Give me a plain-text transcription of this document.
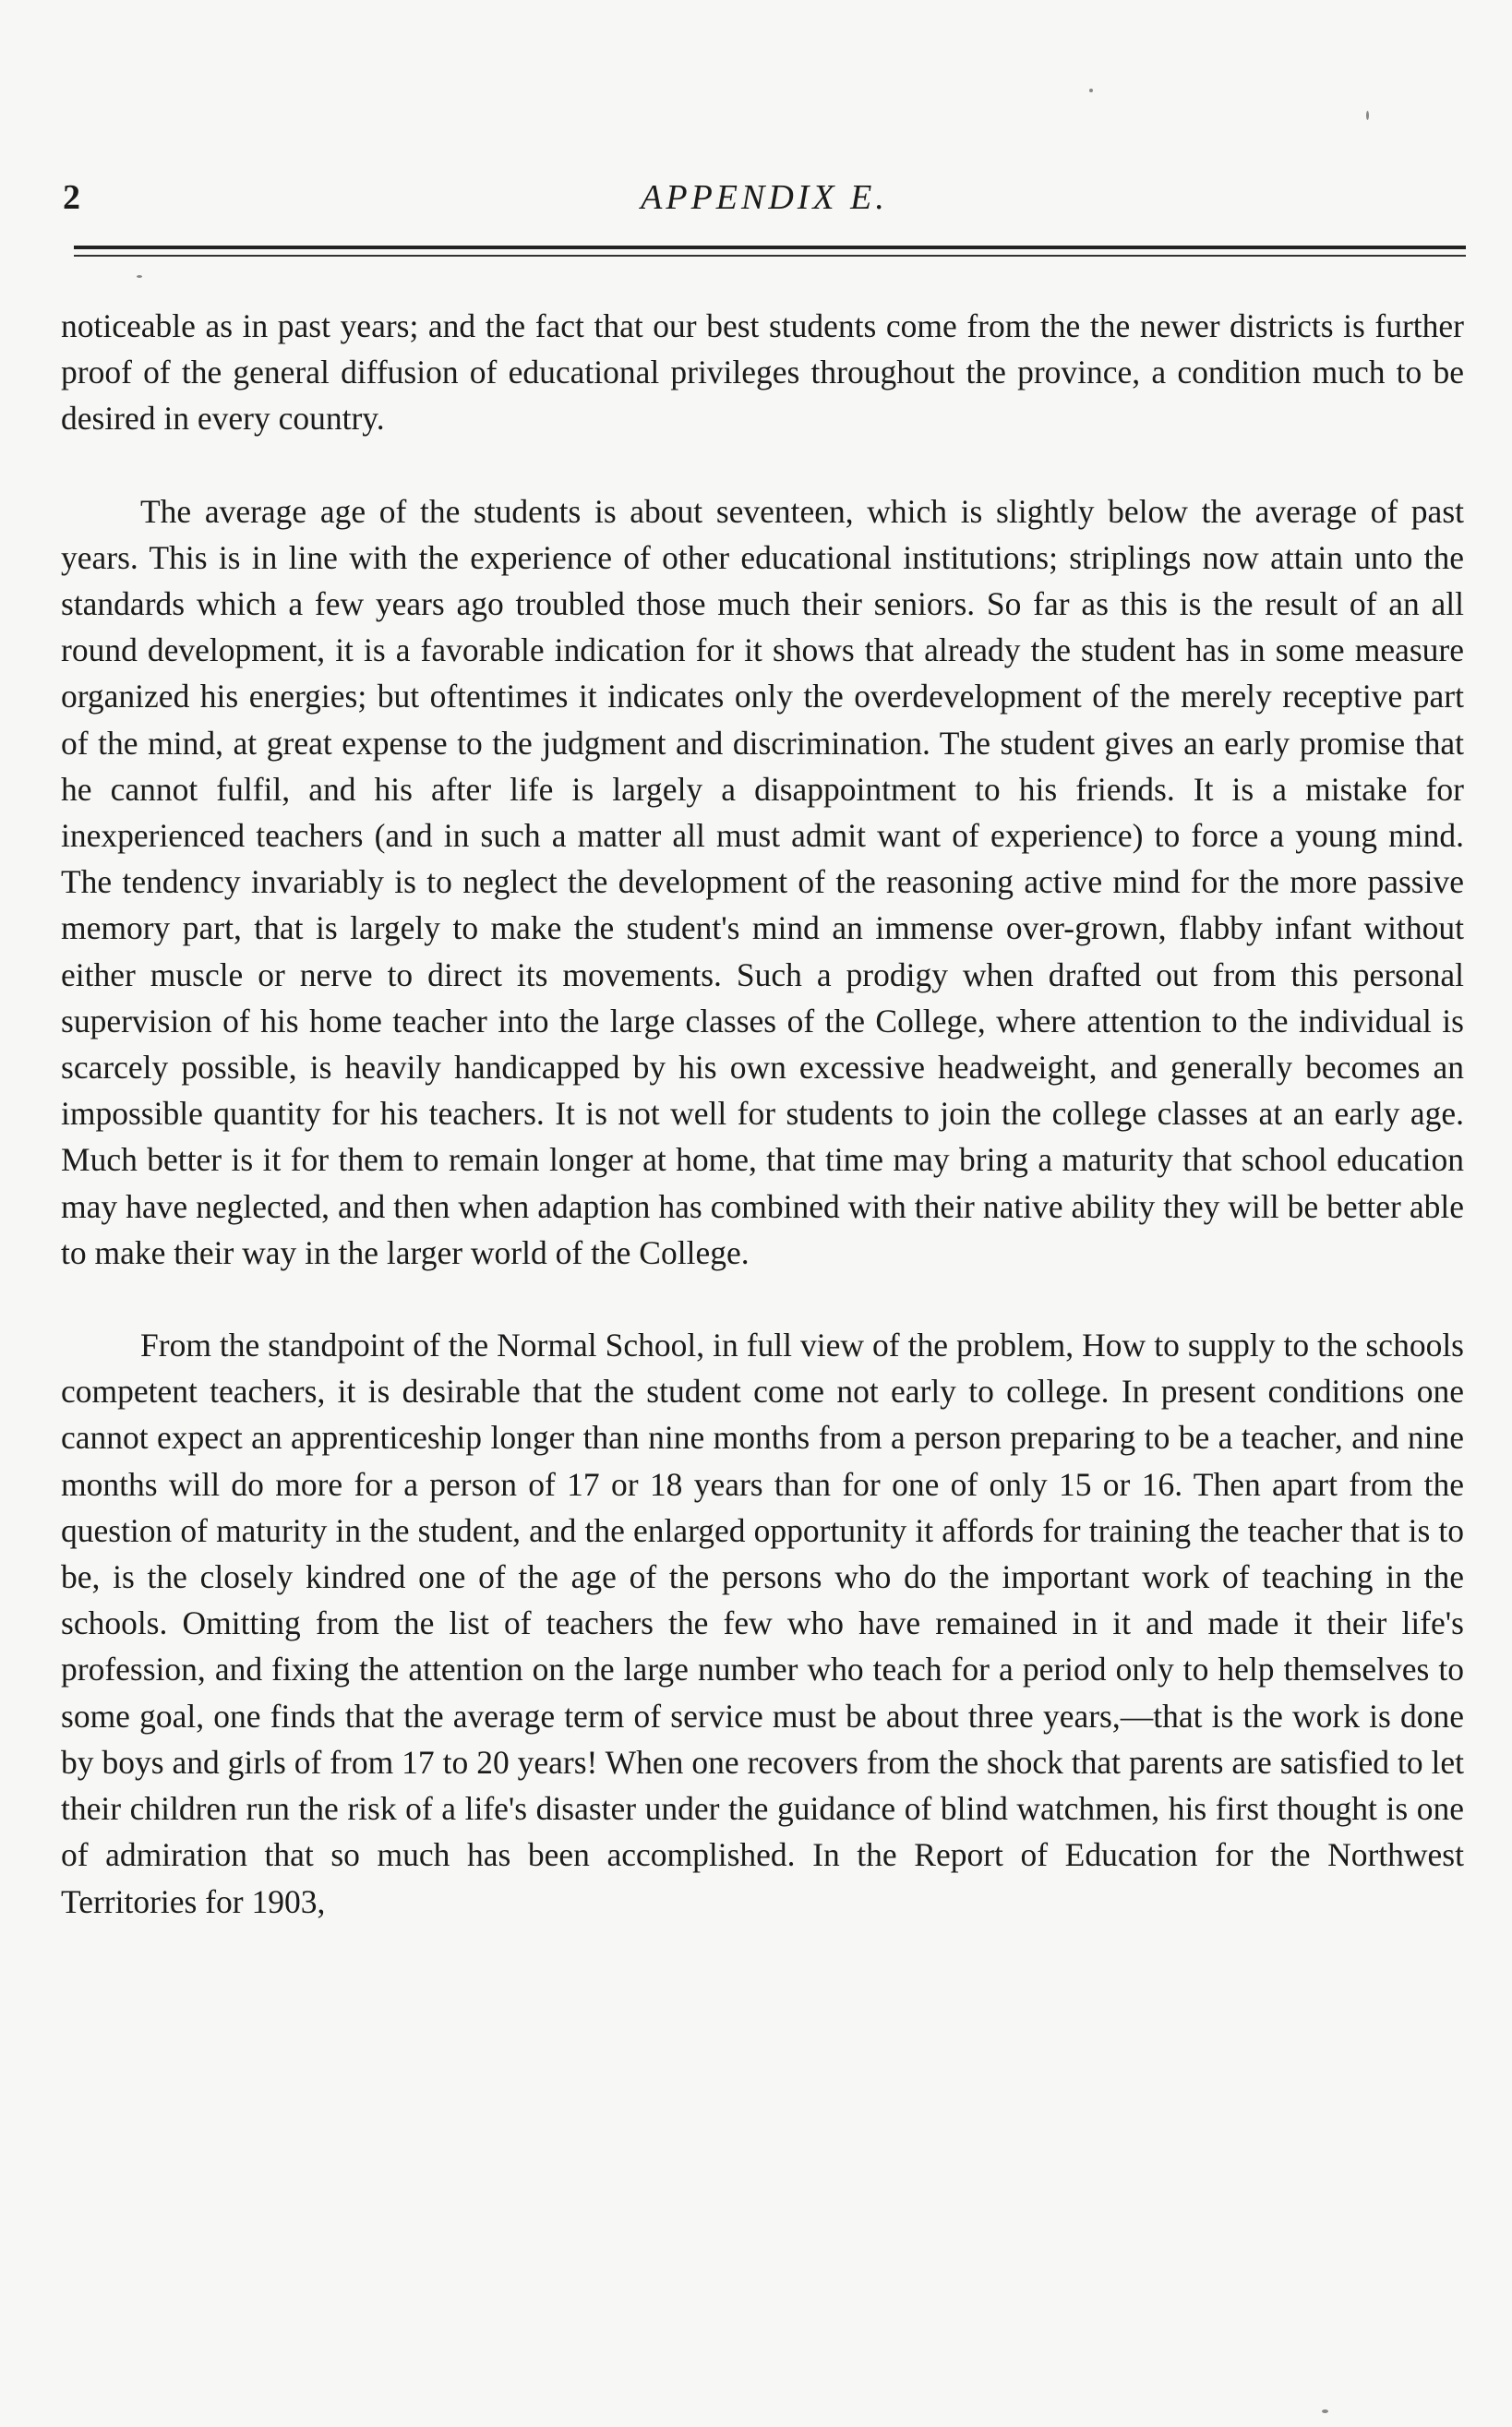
2	APPENDIX E.

noticeable as in past years; and the fact that our best students come from the the newer districts is further proof of the general diffusion of educational privileges throughout the province, a condition much to be desired in every country.

The average age of the students is about seventeen, which is slightly below the average of past years. This is in line with the experience of other educational institutions; striplings now attain unto the standards which a few years ago troubled those much their seniors. So far as this is the result of an all round development, it is a favorable indication for it shows that already the student has in some measure organized his energies; but oftentimes it indicates only the overdevelopment of the merely receptive part of the mind, at great expense to the judgment and discrimination. The student gives an early promise that he cannot fulfil, and his after life is largely a disappointment to his friends. It is a mistake for inexperienced teachers (and in such a matter all must admit want of experience) to force a young mind. The tendency invariably is to neglect the development of the reasoning active mind for the more passive memory part, that is largely to make the student's mind an immense over-grown, flabby infant without either muscle or nerve to direct its movements. Such a prodigy when drafted out from this personal supervision of his home teacher into the large classes of the College, where attention to the individual is scarcely possible, is heavily handicapped by his own excessive headweight, and generally becomes an impossible quantity for his teachers. It is not well for students to join the college classes at an early age. Much better is it for them to remain longer at home, that time may bring a maturity that school education may have neglected, and then when adaption has combined with their native ability they will be better able to make their way in the larger world of the College.

From the standpoint of the Normal School, in full view of the problem, How to supply to the schools competent teachers, it is desirable that the student come not early to college. In present conditions one cannot expect an apprenticeship longer than nine months from a person preparing to be a teacher, and nine months will do more for a person of 17 or 18 years than for one of only 15 or 16. Then apart from the question of maturity in the student, and the enlarged opportunity it affords for training the teacher that is to be, is the closely kindred one of the age of the persons who do the important work of teaching in the schools. Omitting from the list of teachers the few who have remained in it and made it their life's profession, and fixing the attention on the large number who teach for a period only to help themselves to some goal, one finds that the average term of service must be about three years,—that is the work is done by boys and girls of from 17 to 20 years! When one recovers from the shock that parents are satisfied to let their children run the risk of a life's disaster under the guidance of blind watchmen, his first thought is one of admiration that so much has been accomplished. In the Report of Education for the Northwest Territories for 1903,
